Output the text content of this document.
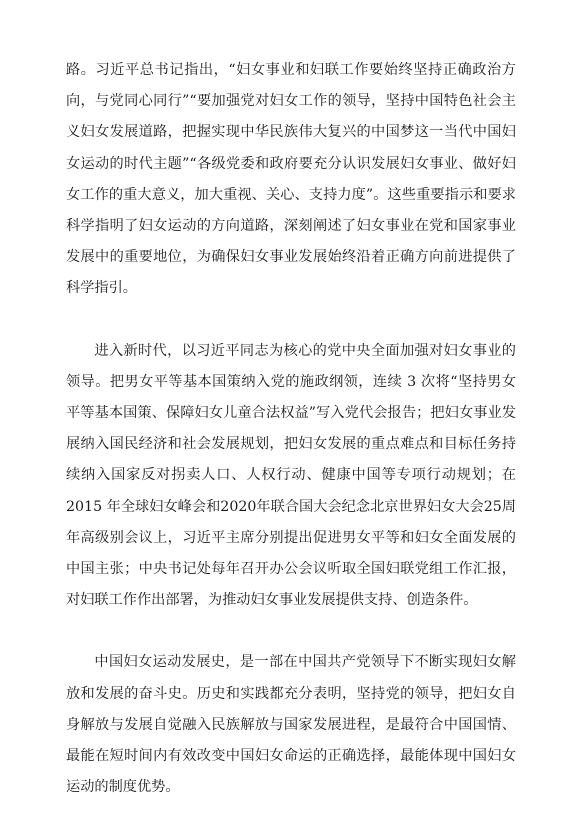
路。习近平总书记指出，“妇女事业和妇联工作要始终坚持正确政治方向，与党同心同行”“要加强党对妇女工作的领导，坚持中国特色社会主义妇女发展道路，把握实现中华民族伟大复兴的中国梦这一当代中国妇女运动的时代主题”“各级党委和政府要充分认识发展妇女事业、做好妇女工作的重大意义，加大重视、关心、支持力度”。这些重要指示和要求科学指明了妇女运动的方向道路，深刻阐述了妇女事业在党和国家事业发展中的重要地位，为确保妇女事业发展始终沿着正确方向前进提供了科学指引。

进入新时代，以习近平同志为核心的党中央全面加强对妇女事业的领导。把男女平等基本国策纳入党的施政纲领，连续 3 次将“坚持男女平等基本国策、保障妇女儿童合法权益”写入党代会报告；把妇女事业发展纳入国民经济和社会发展规划，把妇女发展的重点难点和目标任务持续纳入国家反对拐卖人口、人权行动、健康中国等专项行动规划；在 2015 年全球妇女峰会和2020年联合国大会纪念北京世界妇女大会25周年高级别会议上，习近平主席分别提出促进男女平等和妇女全面发展的中国主张；中央书记处每年召开办公会议听取全国妇联党组工作汇报，对妇联工作作出部署，为推动妇女事业发展提供支持、创造条件。

中国妇女运动发展史，是一部在中国共产党领导下不断实现妇女解放和发展的奋斗史。历史和实践都充分表明，坚持党的领导，把妇女自身解放与发展自觉融入民族解放与国家发展进程，是最符合中国国情、最能在短时间内有效改变中国妇女命运的正确选择，最能体现中国妇女运动的制度优势。
